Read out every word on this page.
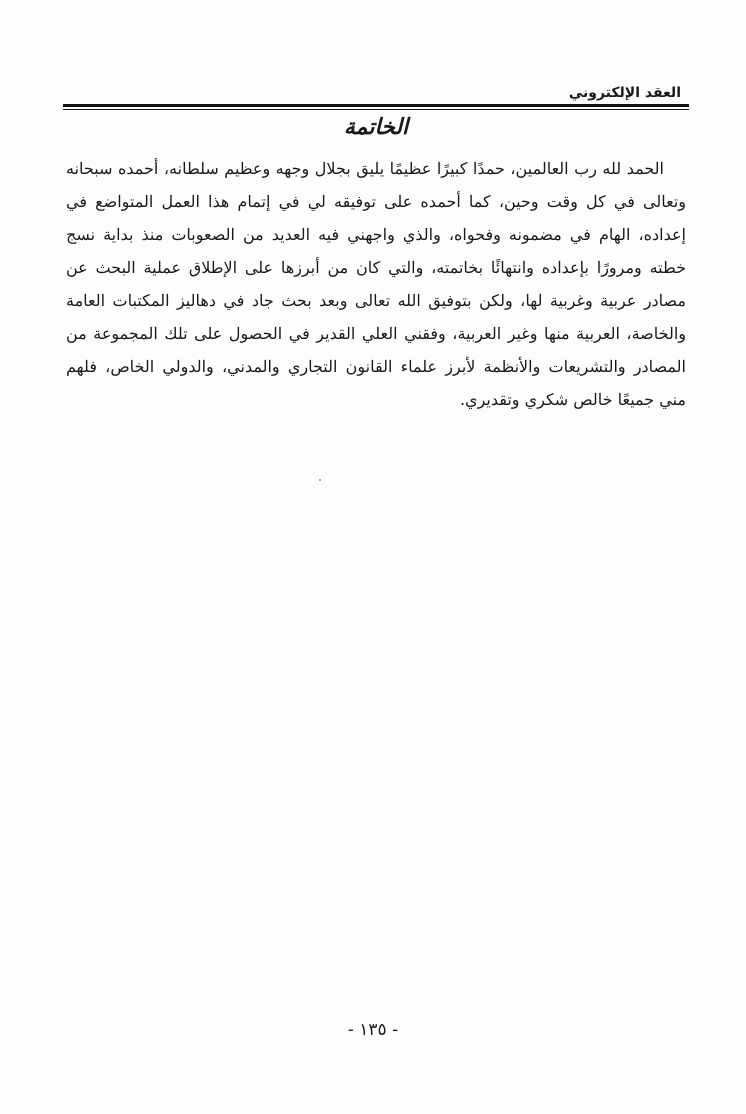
العقد الإلكتروني
الخاتمة

الحمد لله رب العالمين، حمدًا كبيرًا عظيمًا يليق بجلال وجهه وعظيم سلطانه، أحمده سبحانه وتعالى في كل وقت وحين، كما أحمده على توفيقه لي في إتمام هذا العمل المتواضع في إعداده، الهام في مضمونه وفحواه، والذي واجهني فيه العديد من الصعوبات منذ بداية نسج خطته ومرورًا بإعداده وانتهائًا بخاتمته، والتي كان من أبرزها على الإطلاق عملية البحث عن مصادر عربية وغربية لها، ولكن بتوفيق الله تعالى وبعد بحث جاد في دهاليز المكتبات العامة والخاصة، العربية منها وغير العربية، وفقني العلي القدير في الحصول على تلك المجموعة من المصادر والتشريعات والأنظمة لأبرز علماء القانون التجاري والمدني، والدولي الخاص، فلهم مني جميعًا خالص شكري وتقديري.

- ١٣٥ -
